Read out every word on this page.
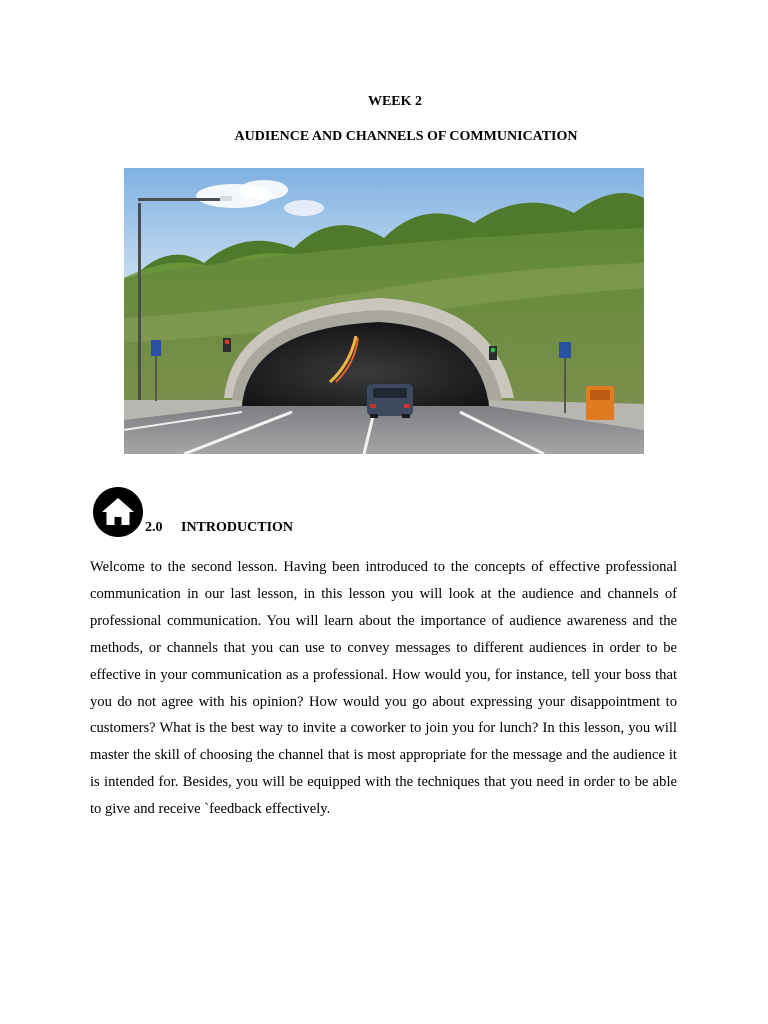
WEEK 2
AUDIENCE AND CHANNELS OF COMMUNICATION
2.0 INTRODUCTION

Welcome to the second lesson. Having been introduced to the concepts of effective professional communication in our last lesson, in this lesson you will look at the audience and channels of professional communication. You will learn about the importance of audience awareness and the methods, or channels that you can use to convey messages to different audiences in order to be effective in your communication as a professional. How would you, for instance, tell your boss that you do not agree with his opinion? How would you go about expressing your disappointment to customers? What is the best way to invite a coworker to join you for lunch? In this lesson, you will master the skill of choosing the channel that is most appropriate for the message and the audience it is intended for. Besides, you will be equipped with the techniques that you need in order to be able to give and receive `feedback effectively.
